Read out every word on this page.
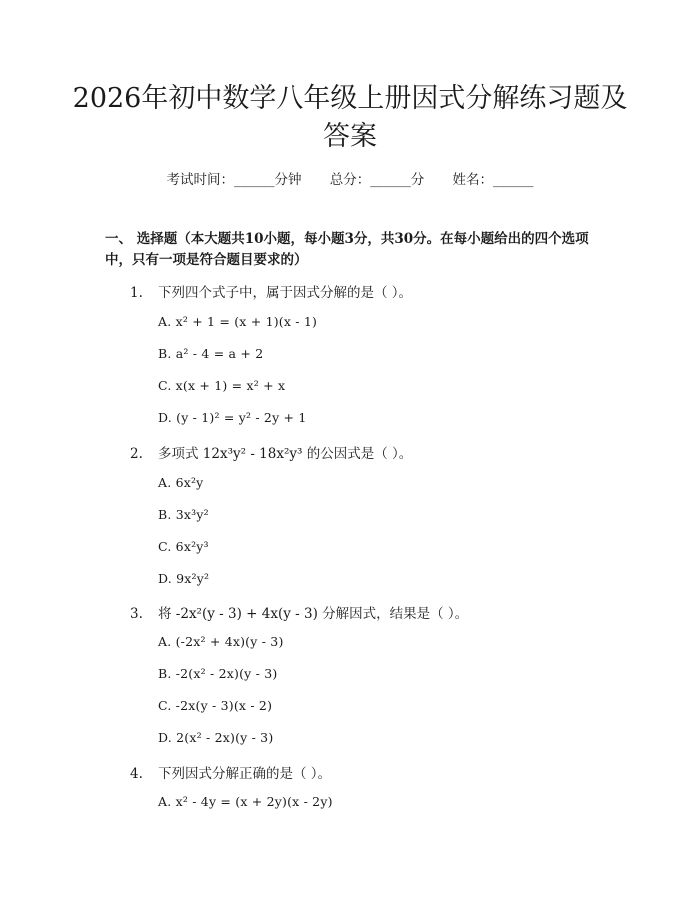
2026年初中数学八年级上册因式分解练习题及答案
考试时间：______分钟 总分：______分 姓名：______
一、 选择题（本大题共10小题，每小题3分，共30分。在每小题给出的四个选项中，只有一项是符合题目要求的）
1. 下列四个式子中，属于因式分解的是（ ）。
A. x² + 1 = (x + 1)(x - 1)
B. a² - 4 = a + 2
C. x(x + 1) = x² + x
D. (y - 1)² = y² - 2y + 1
2. 多项式 12x³y² - 18x²y³ 的公因式是（ ）。
A. 6x²y
B. 3x³y²
C. 6x²y³
D. 9x²y²
3. 将 -2x²(y - 3) + 4x(y - 3) 分解因式，结果是（ ）。
A. (-2x² + 4x)(y - 3)
B. -2(x² - 2x)(y - 3)
C. -2x(y - 3)(x - 2)
D. 2(x² - 2x)(y - 3)
4. 下列因式分解正确的是（ ）。
A. x² - 4y = (x + 2y)(x - 2y)
